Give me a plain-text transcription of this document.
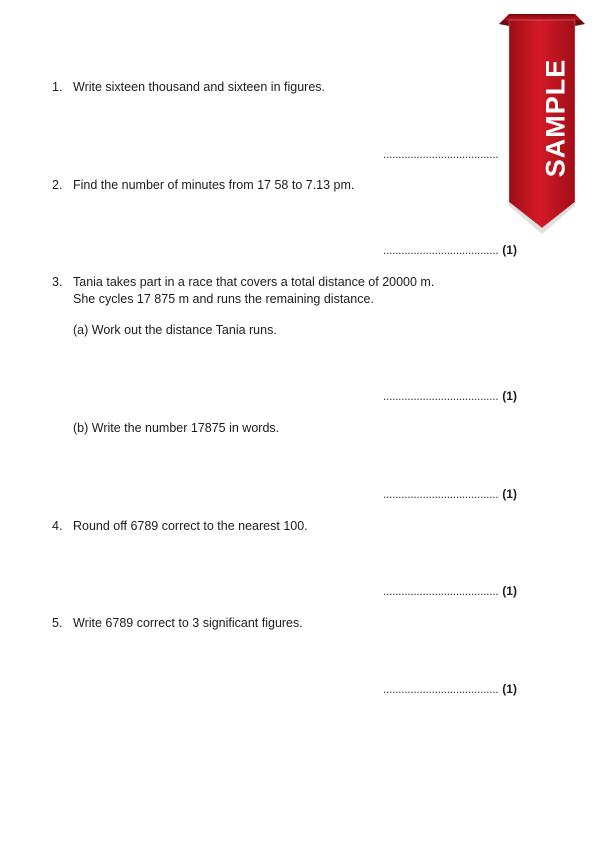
1. Write sixteen thousand and sixteen in figures.
......................................
2. Find the number of minutes from 17 58 to 7.13 pm.
...................................... (1)
3. Tania takes part in a race that covers a total distance of 20000 m.
She cycles 17 875 m and runs the remaining distance.
(a) Work out the distance Tania runs.
...................................... (1)
(b) Write the number 17875 in words.
...................................... (1)
4. Round off 6789 correct to the nearest 100.
...................................... (1)
5. Write 6789 correct to 3 significant figures.
...................................... (1)
SAMPLE WWW.TESTPAPER.COM.MY
